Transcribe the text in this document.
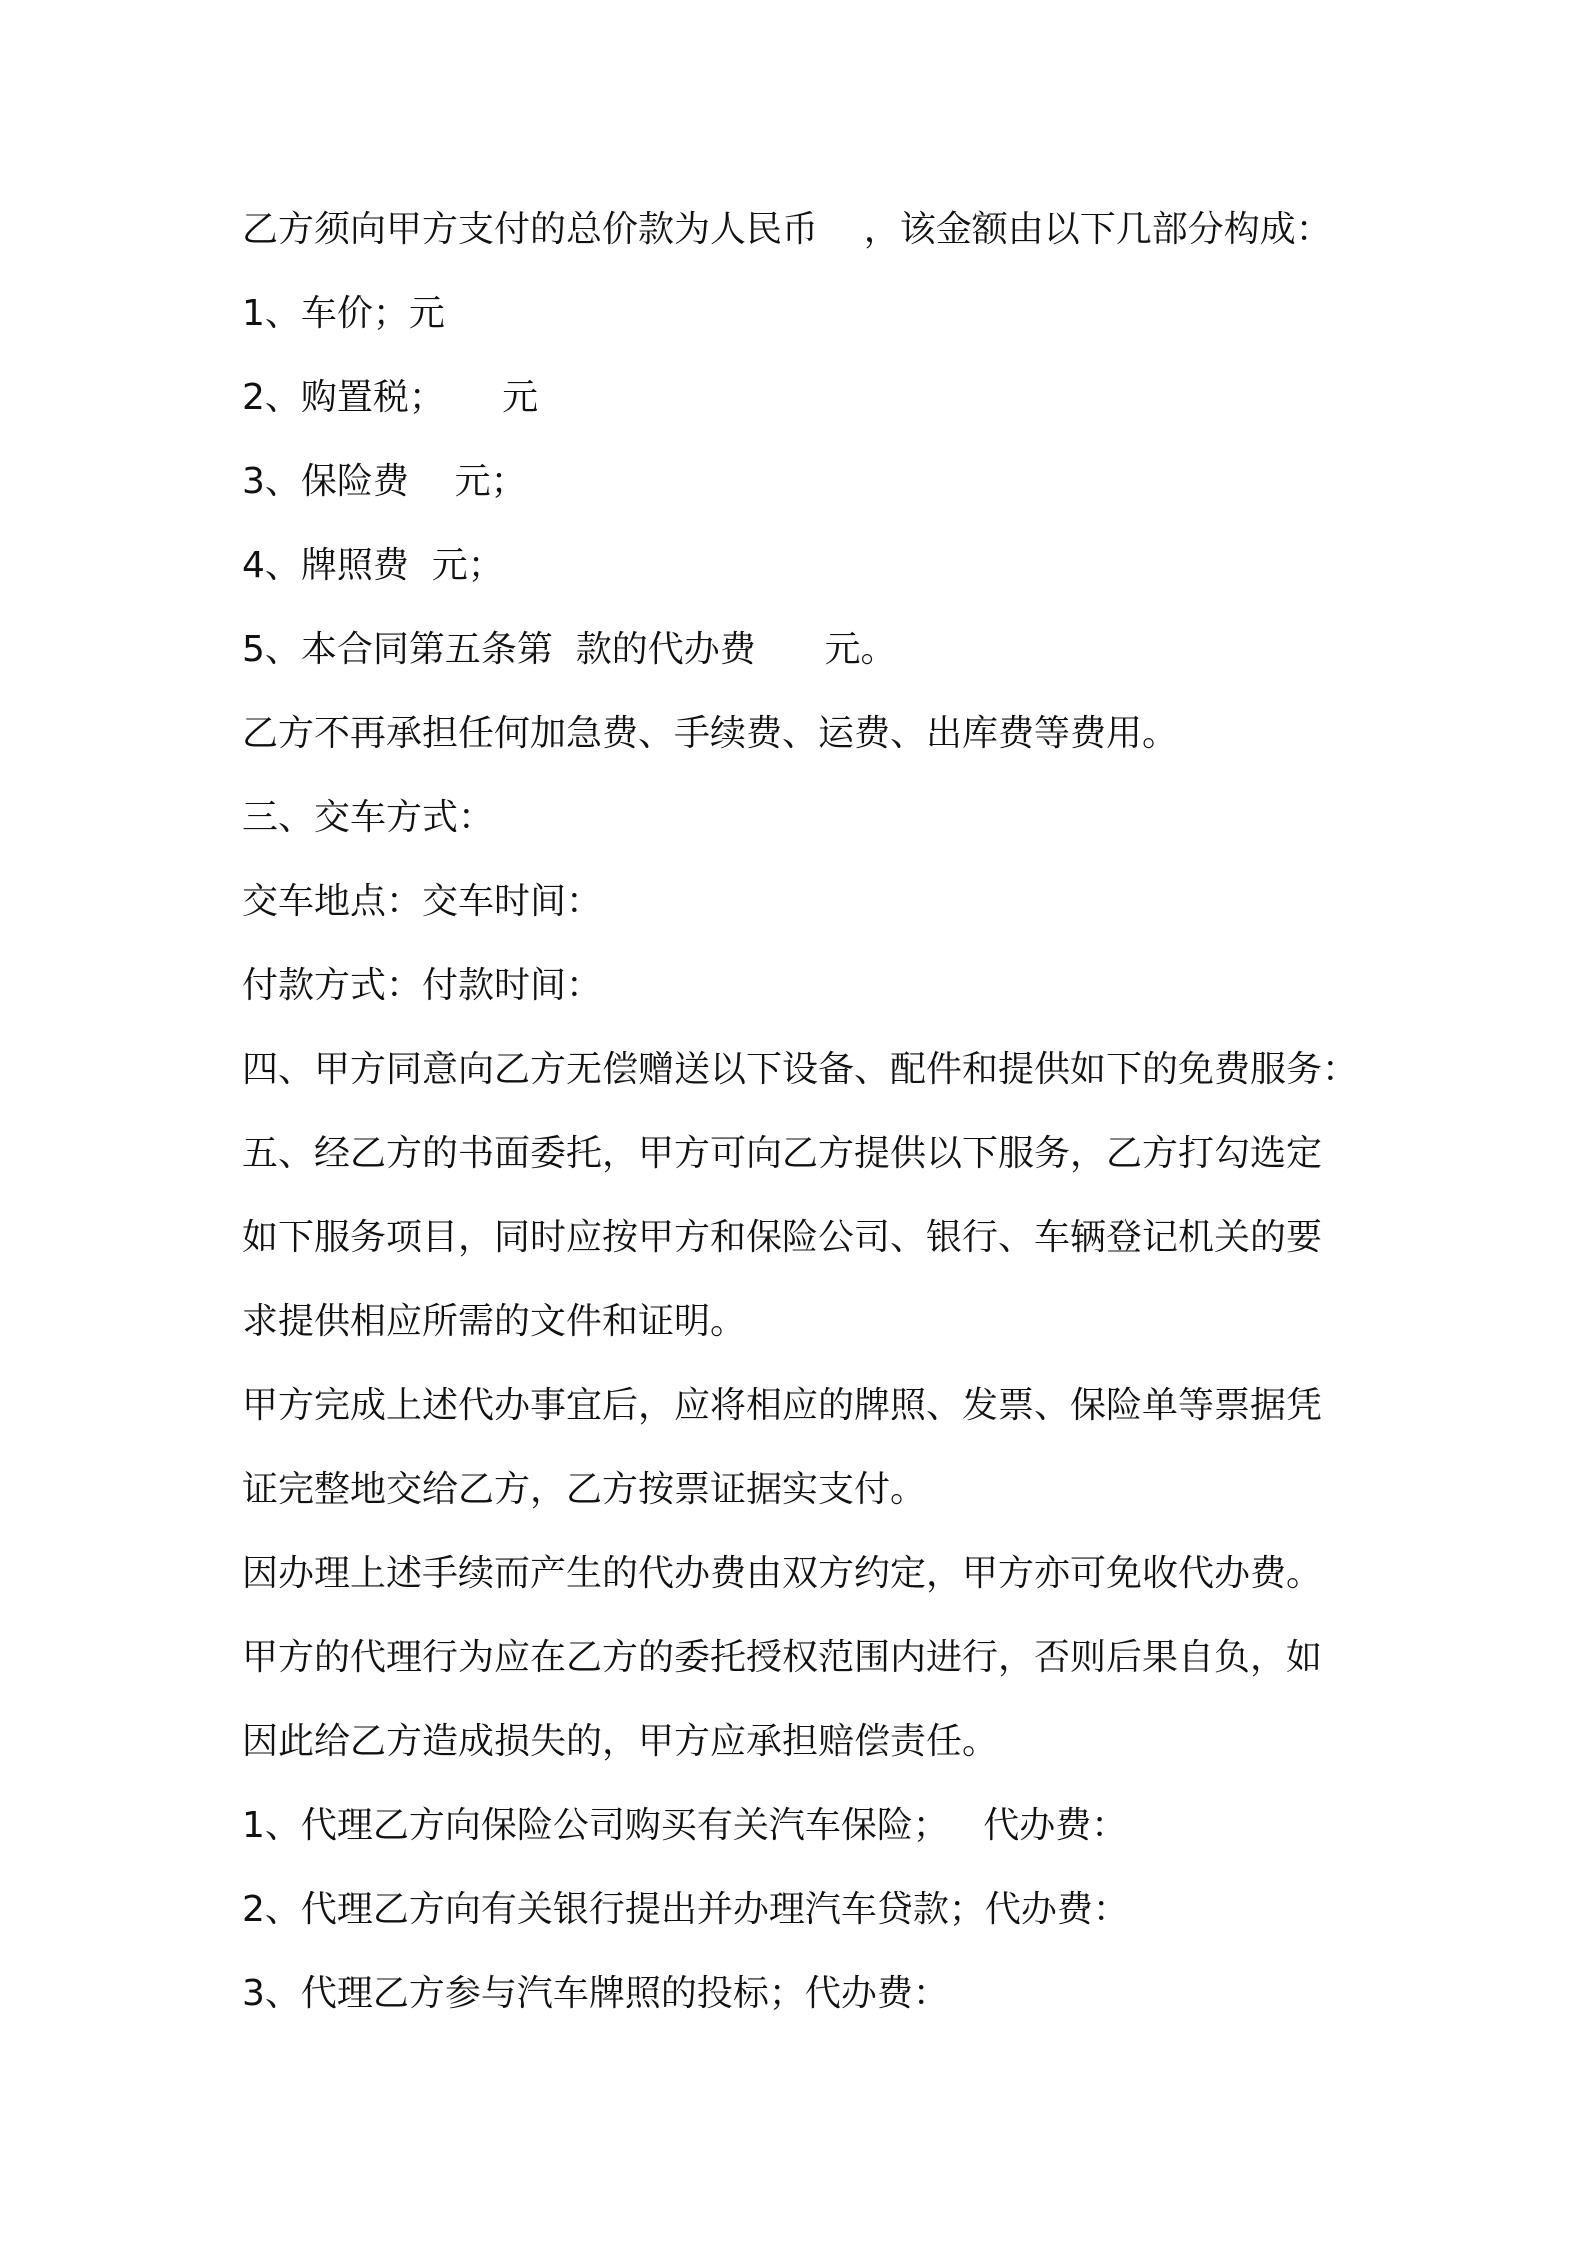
乙方须向甲方支付的总价款为人民币    ，该金额由以下几部分构成：

1、车价；元

2、购置税；     元

3、保险费    元；

4、牌照费  元；

5、本合同第五条第  款的代办费      元。

乙方不再承担任何加急费、手续费、运费、出库费等费用。

三、交车方式：

交车地点：交车时间：

付款方式：付款时间：

四、甲方同意向乙方无偿赠送以下设备、配件和提供如下的免费服务：

五、经乙方的书面委托，甲方可向乙方提供以下服务，乙方打勾选定

如下服务项目，同时应按甲方和保险公司、银行、车辆登记机关的要

求提供相应所需的文件和证明。

甲方完成上述代办事宜后，应将相应的牌照、发票、保险单等票据凭

证完整地交给乙方，乙方按票证据实支付。

因办理上述手续而产生的代办费由双方约定，甲方亦可免收代办费。

甲方的代理行为应在乙方的委托授权范围内进行，否则后果自负，如

因此给乙方造成损失的，甲方应承担赔偿责任。

1、代理乙方向保险公司购买有关汽车保险；   代办费：

2、代理乙方向有关银行提出并办理汽车贷款；代办费：

3、代理乙方参与汽车牌照的投标；代办费：
